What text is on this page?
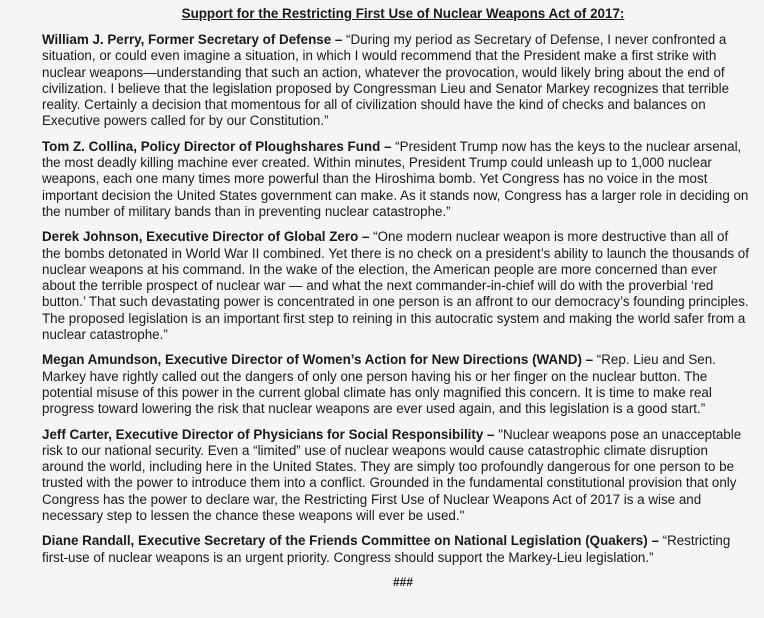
Support for the Restricting First Use of Nuclear Weapons Act of 2017:

William J. Perry, Former Secretary of Defense – “During my period as Secretary of Defense, I never confronted a situation, or could even imagine a situation, in which I would recommend that the President make a first strike with nuclear weapons—understanding that such an action, whatever the provocation, would likely bring about the end of civilization. I believe that the legislation proposed by Congressman Lieu and Senator Markey recognizes that terrible reality. Certainly a decision that momentous for all of civilization should have the kind of checks and balances on Executive powers called for by our Constitution.”

Tom Z. Collina, Policy Director of Ploughshares Fund – “President Trump now has the keys to the nuclear arsenal, the most deadly killing machine ever created. Within minutes, President Trump could unleash up to 1,000 nuclear weapons, each one many times more powerful than the Hiroshima bomb. Yet Congress has no voice in the most important decision the United States government can make. As it stands now, Congress has a larger role in deciding on the number of military bands than in preventing nuclear catastrophe.”

Derek Johnson, Executive Director of Global Zero – “One modern nuclear weapon is more destructive than all of the bombs detonated in World War II combined. Yet there is no check on a president’s ability to launch the thousands of nuclear weapons at his command. In the wake of the election, the American people are more concerned than ever about the terrible prospect of nuclear war — and what the next commander-in-chief will do with the proverbial ‘red button.’ That such devastating power is concentrated in one person is an affront to our democracy’s founding principles. The proposed legislation is an important first step to reining in this autocratic system and making the world safer from a nuclear catastrophe.”

Megan Amundson, Executive Director of Women’s Action for New Directions (WAND) – “Rep. Lieu and Sen. Markey have rightly called out the dangers of only one person having his or her finger on the nuclear button. The potential misuse of this power in the current global climate has only magnified this concern. It is time to make real progress toward lowering the risk that nuclear weapons are ever used again, and this legislation is a good start.”

Jeff Carter, Executive Director of Physicians for Social Responsibility – "Nuclear weapons pose an unacceptable risk to our national security. Even a “limited” use of nuclear weapons would cause catastrophic climate disruption around the world, including here in the United States. They are simply too profoundly dangerous for one person to be trusted with the power to introduce them into a conflict. Grounded in the fundamental constitutional provision that only Congress has the power to declare war, the Restricting First Use of Nuclear Weapons Act of 2017 is a wise and necessary step to lessen the chance these weapons will ever be used."

Diane Randall, Executive Secretary of the Friends Committee on National Legislation (Quakers) – “Restricting first-use of nuclear weapons is an urgent priority. Congress should support the Markey-Lieu legislation.”

###
